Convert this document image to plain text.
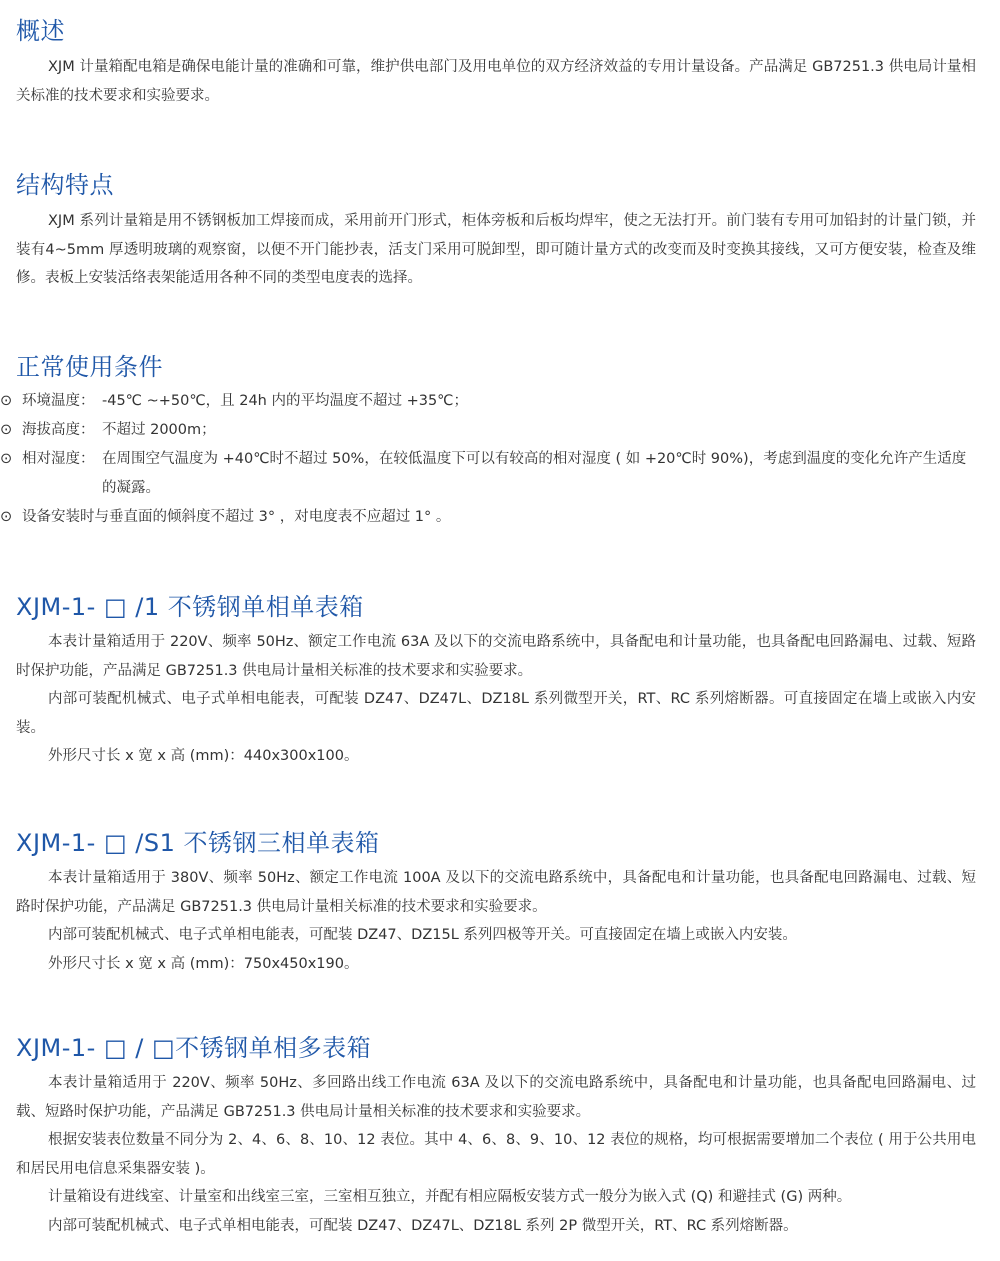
概述

XJM 计量箱配电箱是确保电能计量的准确和可靠，维护供电部门及用电单位的双方经济效益的专用计量设备。产品满足 GB7251.3 供电局计量相关标准的技术要求和实验要求。

结构特点

XJM 系列计量箱是用不锈钢板加工焊接而成，采用前开门形式，柜体旁板和后板均焊牢，使之无法打开。前门装有专用可加铅封的计量门锁，并装有4~5mm 厚透明玻璃的观察窗，以便不开门能抄表，活支门采用可脱卸型，即可随计量方式的改变而及时变换其接线，又可方便安装，检查及维修。表板上安装活络表架能适用各种不同的类型电度表的选择。

正常使用条件

⊙ 环境温度： -45℃ ~+50℃，且 24h 内的平均温度不超过 +35℃；

⊙ 海拔高度： 不超过 2000m；

⊙ 相对湿度： 在周围空气温度为 +40℃时不超过 50%，在较低温度下可以有较高的相对湿度 ( 如 +20℃时 90%)，考虑到温度的变化允许产生适度的凝露。

⊙ 设备安装时与垂直面的倾斜度不超过 3° ，对电度表不应超过 1° 。

XJM-1- □ /1 不锈钢单相单表箱

本表计量箱适用于 220V、频率 50Hz、额定工作电流 63A 及以下的交流电路系统中，具备配电和计量功能，也具备配电回路漏电、过载、短路时保护功能，产品满足 GB7251.3 供电局计量相关标准的技术要求和实验要求。

内部可装配机械式、电子式单相电能表，可配装 DZ47、DZ47L、DZ18L 系列微型开关，RT、RC 系列熔断器。可直接固定在墙上或嵌入内安装。

外形尺寸长 x 宽 x 高 (mm)：440x300x100。

XJM-1- □ /S1 不锈钢三相单表箱

本表计量箱适用于 380V、频率 50Hz、额定工作电流 100A 及以下的交流电路系统中，具备配电和计量功能，也具备配电回路漏电、过载、短路时保护功能，产品满足 GB7251.3 供电局计量相关标准的技术要求和实验要求。

内部可装配机械式、电子式单相电能表，可配装 DZ47、DZ15L 系列四极等开关。可直接固定在墙上或嵌入内安装。

外形尺寸长 x 宽 x 高 (mm)：750x450x190。

XJM-1- □ / □不锈钢单相多表箱

本表计量箱适用于 220V、频率 50Hz、多回路出线工作电流 63A 及以下的交流电路系统中，具备配电和计量功能，也具备配电回路漏电、过载、短路时保护功能，产品满足 GB7251.3 供电局计量相关标准的技术要求和实验要求。

根据安装表位数量不同分为 2、4、6、8、10、12 表位。其中 4、6、8、9、10、12 表位的规格，均可根据需要增加二个表位 ( 用于公共用电和居民用电信息采集器安装 )。

计量箱设有进线室、计量室和出线室三室，三室相互独立，并配有相应隔板安装方式一般分为嵌入式 (Q) 和避挂式 (G) 两种。

内部可装配机械式、电子式单相电能表，可配装 DZ47、DZ47L、DZ18L 系列 2P 微型开关，RT、RC 系列熔断器。
